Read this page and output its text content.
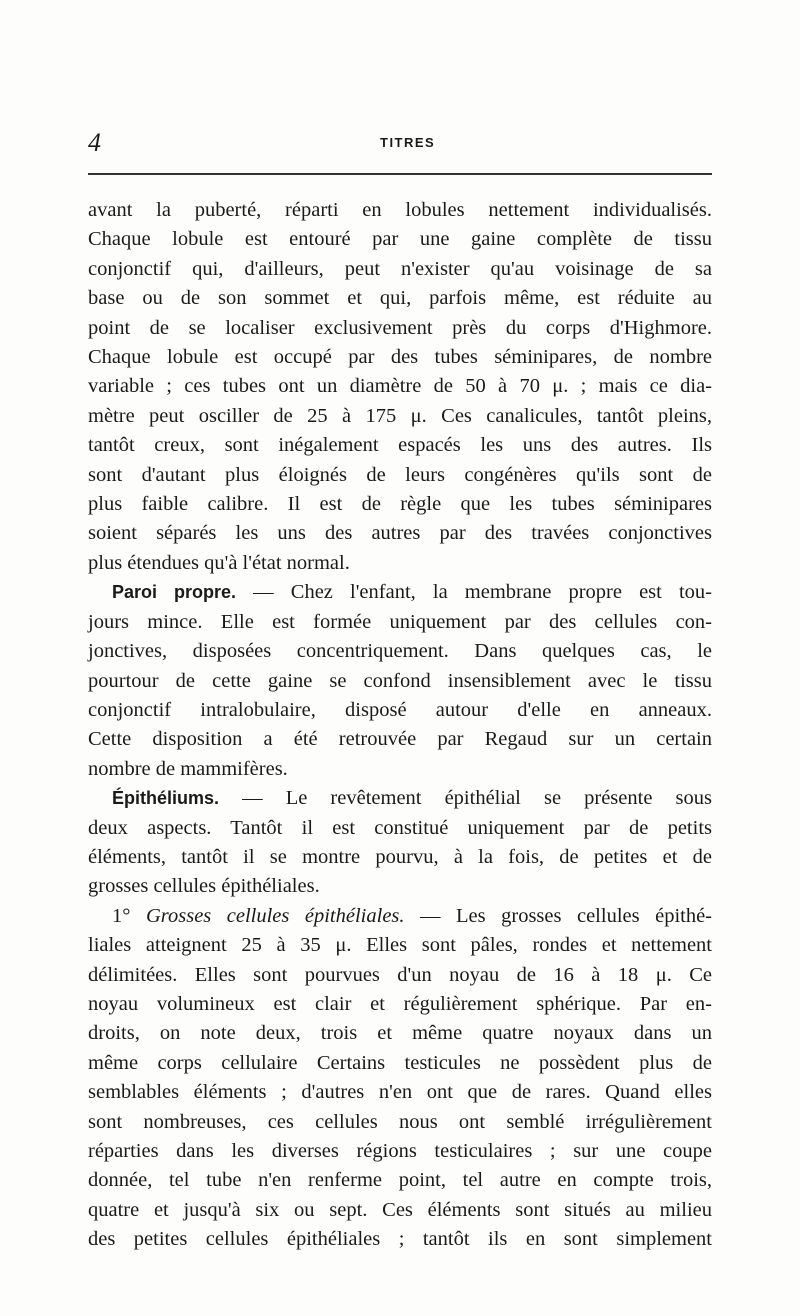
4	TITRES
avant la puberté, réparti en lobules nettement individualisés.
Chaque lobule est entouré par une gaine complète de tissu
conjonctif qui, d'ailleurs, peut n'exister qu'au voisinage de sa
base ou de son sommet et qui, parfois même, est réduite au
point de se localiser exclusivement près du corps d'Highmore.
Chaque lobule est occupé par des tubes séminipares, de nombre
variable ; ces tubes ont un diamètre de 50 à 70 μ. ; mais ce dia-
mètre peut osciller de 25 à 175 μ. Ces canalicules, tantôt pleins,
tantôt creux, sont inégalement espacés les uns des autres. Ils
sont d'autant plus éloignés de leurs congénères qu'ils sont de
plus faible calibre. Il est de règle que les tubes séminipares
soient séparés les uns des autres par des travées conjonctives
plus étendues qu'à l'état normal.
Paroi propre. — Chez l'enfant, la membrane propre est tou-
jours mince. Elle est formée uniquement par des cellules con-
jonctives, disposées concentriquement. Dans quelques cas, le
pourtour de cette gaine se confond insensiblement avec le tissu
conjonctif intralobulaire, disposé autour d'elle en anneaux.
Cette disposition a été retrouvée par Regaud sur un certain
nombre de mammifères.
Épithéliums. — Le revêtement épithélial se présente sous
deux aspects. Tantôt il est constitué uniquement par de petits
éléments, tantôt il se montre pourvu, à la fois, de petites et de
grosses cellules épithéliales.
1° Grosses cellules épithéliales. — Les grosses cellules épithé-
liales atteignent 25 à 35 μ. Elles sont pâles, rondes et nettement
délimitées. Elles sont pourvues d'un noyau de 16 à 18 μ. Ce
noyau volumineux est clair et régulièrement sphérique. Par en-
droits, on note deux, trois et même quatre noyaux dans un
même corps cellulaire Certains testicules ne possèdent plus de
semblables éléments ; d'autres n'en ont que de rares. Quand elles
sont nombreuses, ces cellules nous ont semblé irrégulièrement
réparties dans les diverses régions testiculaires ; sur une coupe
donnée, tel tube n'en renferme point, tel autre en compte trois,
quatre et jusqu'à six ou sept. Ces éléments sont situés au milieu
des petites cellules épithéliales ; tantôt ils en sont simplement
